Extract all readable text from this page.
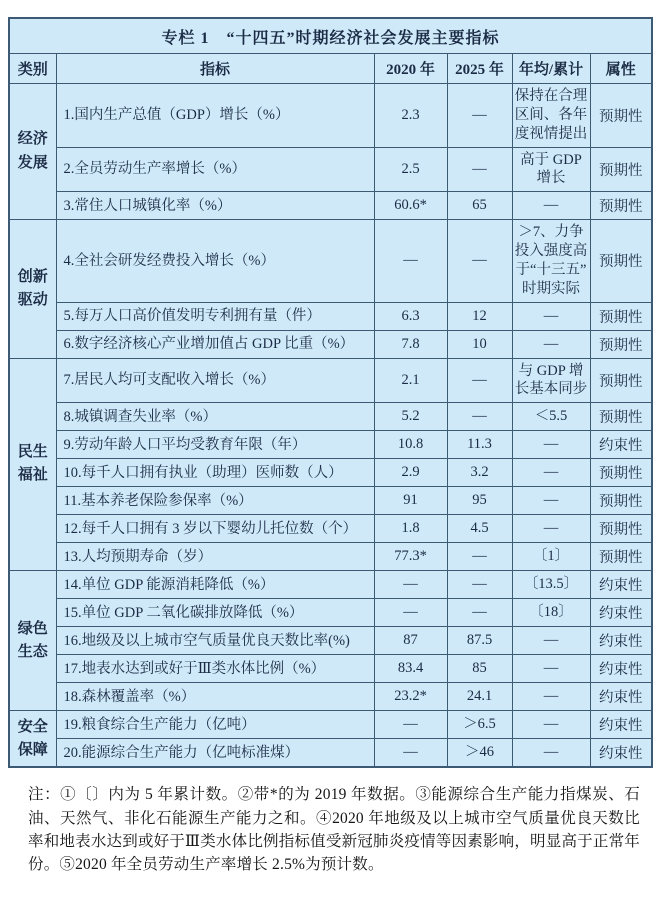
专栏 1　“十四五”时期经济社会发展主要指标					
类别	指标	2020 年	2025 年	年均/累计	属性
经济发展	1.国内生产总值（GDP）增长（%）	2.3	—	保持在合理区间、各年度视情提出	预期性
	2.全员劳动生产率增长（%）	2.5	—	高于 GDP 增长	预期性
	3.常住人口城镇化率（%）	60.6*	65	—	预期性
创新驱动	4.全社会研发经费投入增长（%）	—	—	＞7、力争投入强度高于“十三五”时期实际	预期性
	5.每万人口高价值发明专利拥有量（件）	6.3	12	—	预期性
	6.数字经济核心产业增加值占 GDP 比重（%）	7.8	10	—	预期性
民生福祉	7.居民人均可支配收入增长（%）	2.1	—	与 GDP 增长基本同步	预期性
	8.城镇调查失业率（%）	5.2	—	＜5.5	预期性
	9.劳动年龄人口平均受教育年限（年）	10.8	11.3	—	约束性
	10.每千人口拥有执业（助理）医师数（人）	2.9	3.2	—	预期性
	11.基本养老保险参保率（%）	91	95	—	预期性
	12.每千人口拥有 3 岁以下婴幼儿托位数（个）	1.8	4.5	—	预期性
	13.人均预期寿命（岁）	77.3*	—	〔1〕	预期性
绿色生态	14.单位 GDP 能源消耗降低（%）	—	—	〔13.5〕	约束性
	15.单位 GDP 二氧化碳排放降低（%）	—	—	〔18〕	约束性
	16.地级及以上城市空气质量优良天数比率(%)	87	87.5	—	约束性
	17.地表水达到或好于Ⅲ类水体比例（%）	83.4	85	—	约束性
	18.森林覆盖率（%）	23.2*	24.1	—	约束性
安全保障	19.粮食综合生产能力（亿吨）	—	＞6.5	—	约束性
	20.能源综合生产能力（亿吨标准煤）	—	＞46	—	约束性
注：①〔〕内为 5 年累计数。②带*的为 2019 年数据。③能源综合生产能力指煤炭、石油、天然气、非化石能源生产能力之和。④2020 年地级及以上城市空气质量优良天数比率和地表水达到或好于Ⅲ类水体比例指标值受新冠肺炎疫情等因素影响，明显高于正常年份。⑤2020 年全员劳动生产率增长 2.5%为预计数。
